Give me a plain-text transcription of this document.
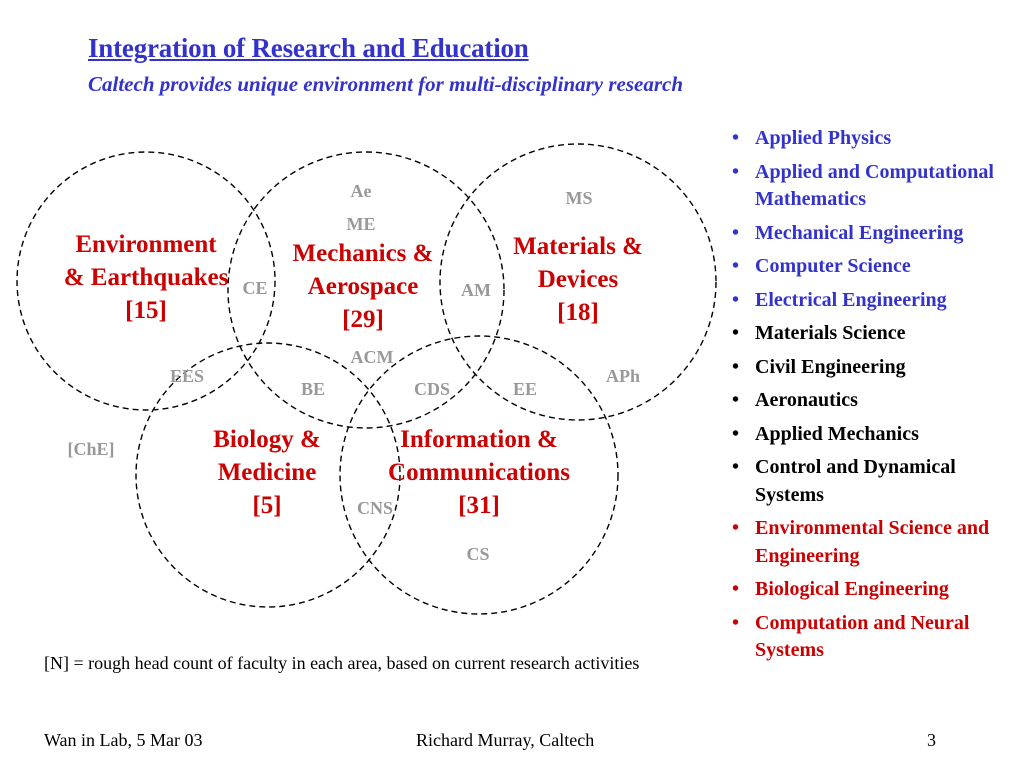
Integration of Research and Education
Caltech provides unique environment for multi-disciplinary research
Ae
ME
MS
CE	AM
ACM
EES
BE	CDS	EE
APh
[ChE]
CNS
CS
Environment
& Earthquakes
[15]
Mechanics &
Aerospace
[29]
Materials &
Devices
[18]
Biology &
Medicine
[5]
Information &
Communications
[31]
• Applied Physics
• Applied and Computational Mathematics
• Mechanical Engineering
• Computer Science
• Electrical Engineering
• Materials Science
• Civil Engineering
• Aeronautics
• Applied Mechanics
• Control and Dynamical Systems
• Environmental Science and Engineering
• Biological Engineering
• Computation and Neural Systems
[N] = rough head count of faculty in each area, based on current research activities
Wan in Lab, 5 Mar 03	Richard Murray, Caltech	3
